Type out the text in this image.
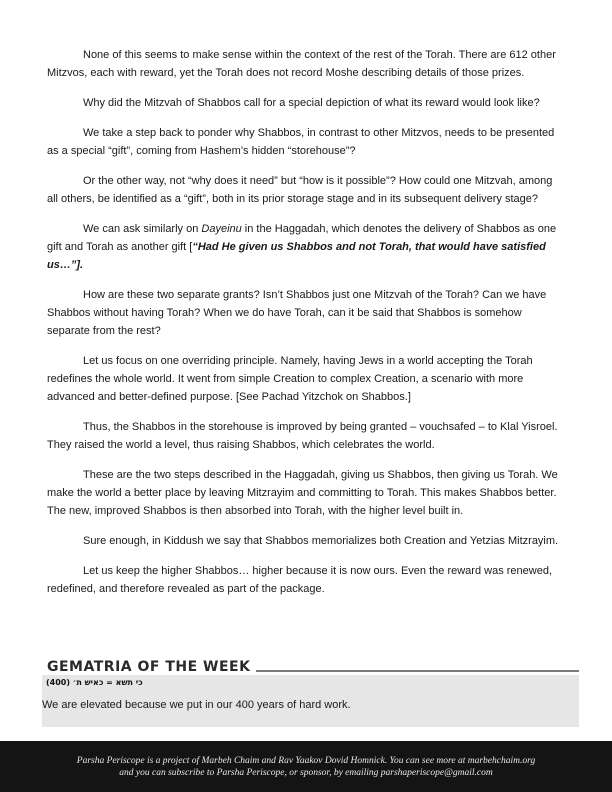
None of this seems to make sense within the context of the rest of the Torah. There are 612 other Mitzvos, each with reward, yet the Torah does not record Moshe describing details of those prizes.

Why did the Mitzvah of Shabbos call for a special depiction of what its reward would look like?

We take a step back to ponder why Shabbos, in contrast to other Mitzvos, needs to be presented as a special “gift”, coming from Hashem’s hidden “storehouse”?

Or the other way, not “why does it need” but “how is it possible”? How could one Mitzvah, among all others, be identified as a “gift”, both in its prior storage stage and in its subsequent delivery stage?

We can ask similarly on Dayeinu in the Haggadah, which denotes the delivery of Shabbos as one gift and Torah as another gift [“Had He given us Shabbos and not Torah, that would have satisfied us…”].

How are these two separate grants? Isn’t Shabbos just one Mitzvah of the Torah? Can we have Shabbos without having Torah? When we do have Torah, can it be said that Shabbos is somehow separate from the rest?

Let us focus on one overriding principle. Namely, having Jews in a world accepting the Torah redefines the whole world. It went from simple Creation to complex Creation, a scenario with more advanced and better-defined purpose. [See Pachad Yitzchok on Shabbos.]

Thus, the Shabbos in the storehouse is improved by being granted – vouchsafed – to Klal Yisroel. They raised the world a level, thus raising Shabbos, which celebrates the world.

These are the two steps described in the Haggadah, giving us Shabbos, then giving us Torah. We make the world a better place by leaving Mitzrayim and committing to Torah. This makes Shabbos better. The new, improved Shabbos is then absorbed into Torah, with the higher level built in.

Sure enough, in Kiddush we say that Shabbos memorializes both Creation and Yetzias Mitzrayim.

Let us keep the higher Shabbos… higher because it is now ours. Even the reward was renewed, redefined, and therefore revealed as part of the package.

GEMATRIA OF THE WEEK
כי תשא = כאיש ת׳ (400)
We are elevated because we put in our 400 years of hard work.
Parsha Periscope is a project of Marbeh Chaim and Rav Yaakov Dovid Homnick. You can see more at marbehchaim.org
and you can subscribe to Parsha Periscope, or sponsor, by emailing parshaperiscope@gmail.com
